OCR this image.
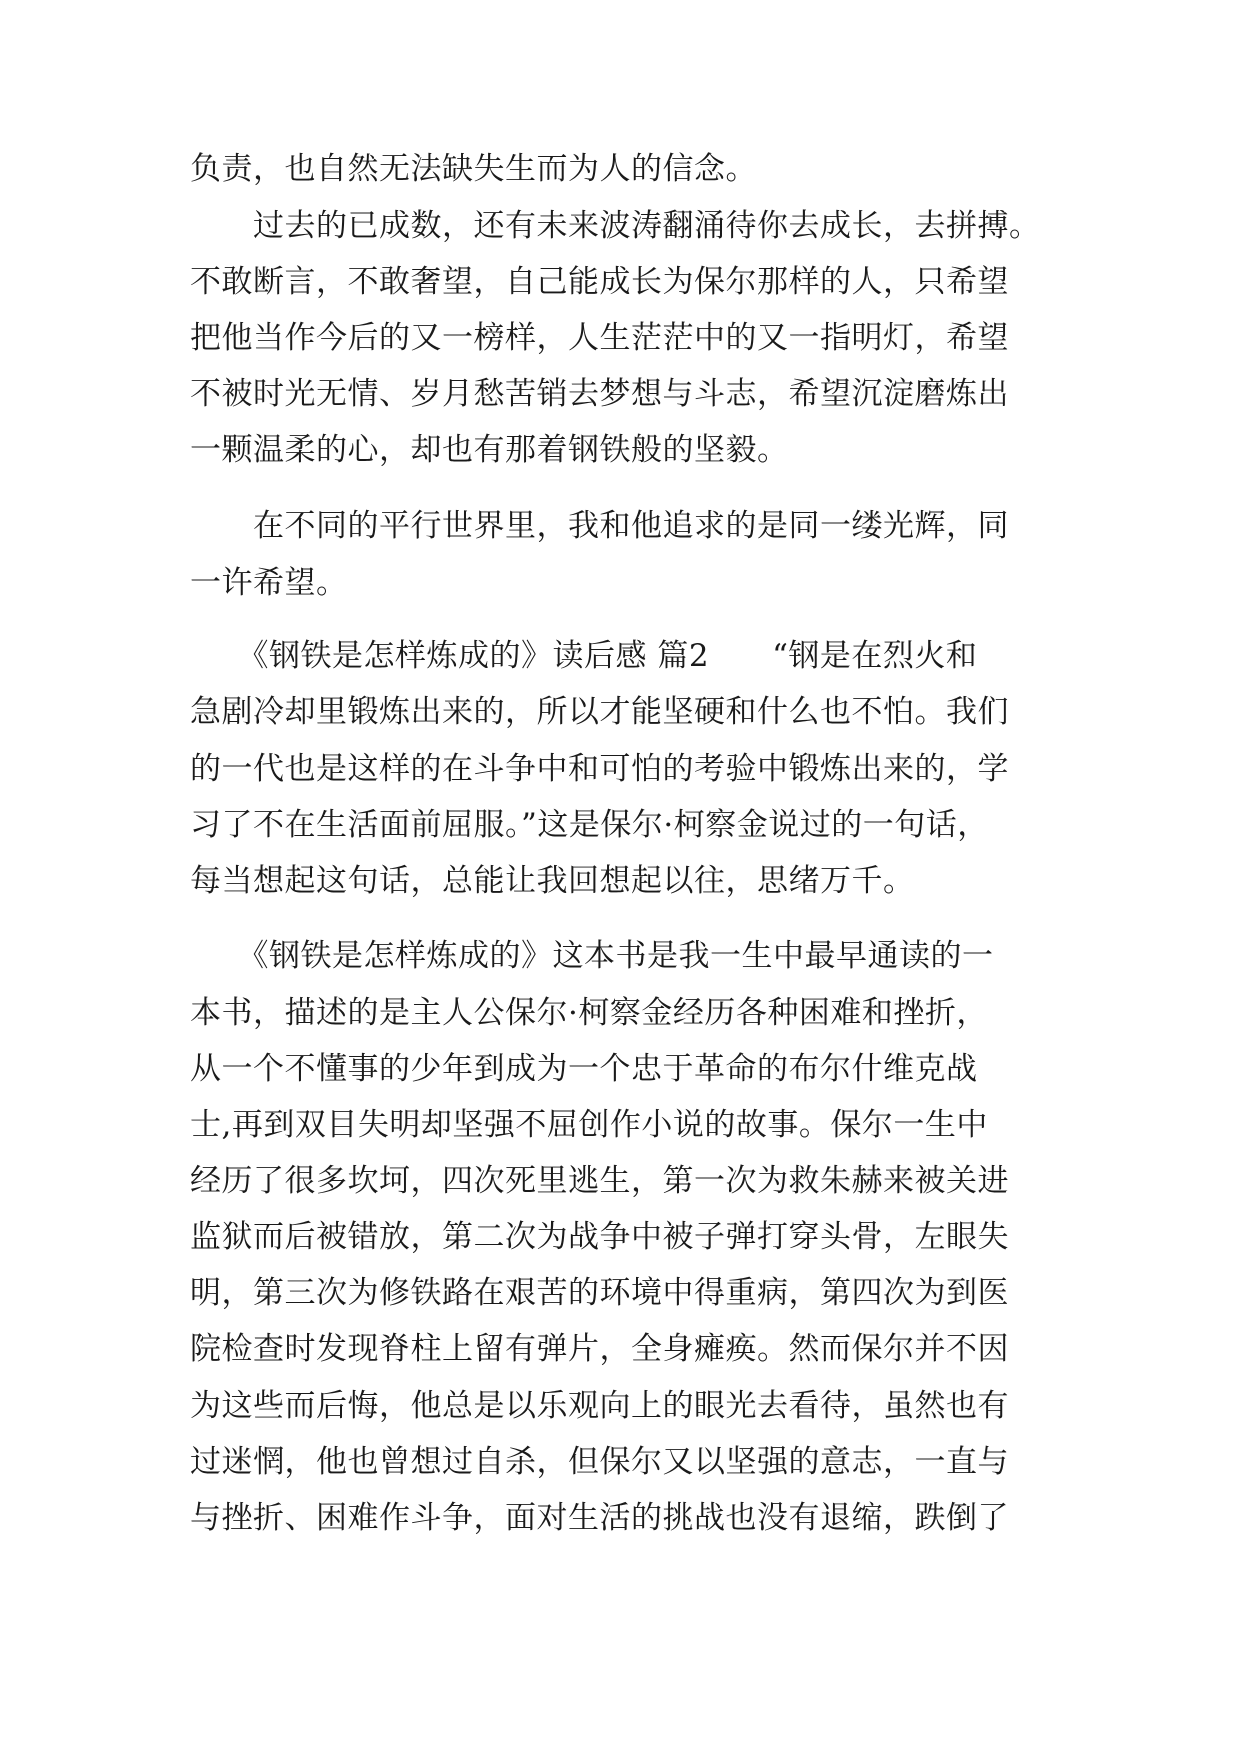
负责，也自然无法缺失生而为人的信念。
　　过去的已成数，还有未来波涛翻涌待你去成长，去拼搏。
不敢断言，不敢奢望，自己能成长为保尔那样的人，只希望
把他当作今后的又一榜样，人生茫茫中的又一指明灯，希望
不被时光无情、岁月愁苦销去梦想与斗志，希望沉淀磨炼出
一颗温柔的心，却也有那着钢铁般的坚毅。
　　在不同的平行世界里，我和他追求的是同一缕光辉，同
一许希望。
　　《钢铁是怎样炼成的》读后感 篇2　　“钢是在烈火和
急剧冷却里锻炼出来的，所以才能坚硬和什么也不怕。我们
的一代也是这样的在斗争中和可怕的考验中锻炼出来的，学
习了不在生活面前屈服。”这是保尔·柯察金说过的一句话，
每当想起这句话，总能让我回想起以往，思绪万千。
　　《钢铁是怎样炼成的》这本书是我一生中最早通读的一
本书，描述的是主人公保尔·柯察金经历各种困难和挫折，
从一个不懂事的少年到成为一个忠于革命的布尔什维克战
士,再到双目失明却坚强不屈创作小说的故事。保尔一生中
经历了很多坎坷，四次死里逃生，第一次为救朱赫来被关进
监狱而后被错放，第二次为战争中被子弹打穿头骨，左眼失
明，第三次为修铁路在艰苦的环境中得重病，第四次为到医
院检查时发现脊柱上留有弹片，全身瘫痪。然而保尔并不因
为这些而后悔，他总是以乐观向上的眼光去看待，虽然也有
过迷惘，他也曾想过自杀，但保尔又以坚强的意志，一直与
与挫折、困难作斗争，面对生活的挑战也没有退缩，跌倒了
